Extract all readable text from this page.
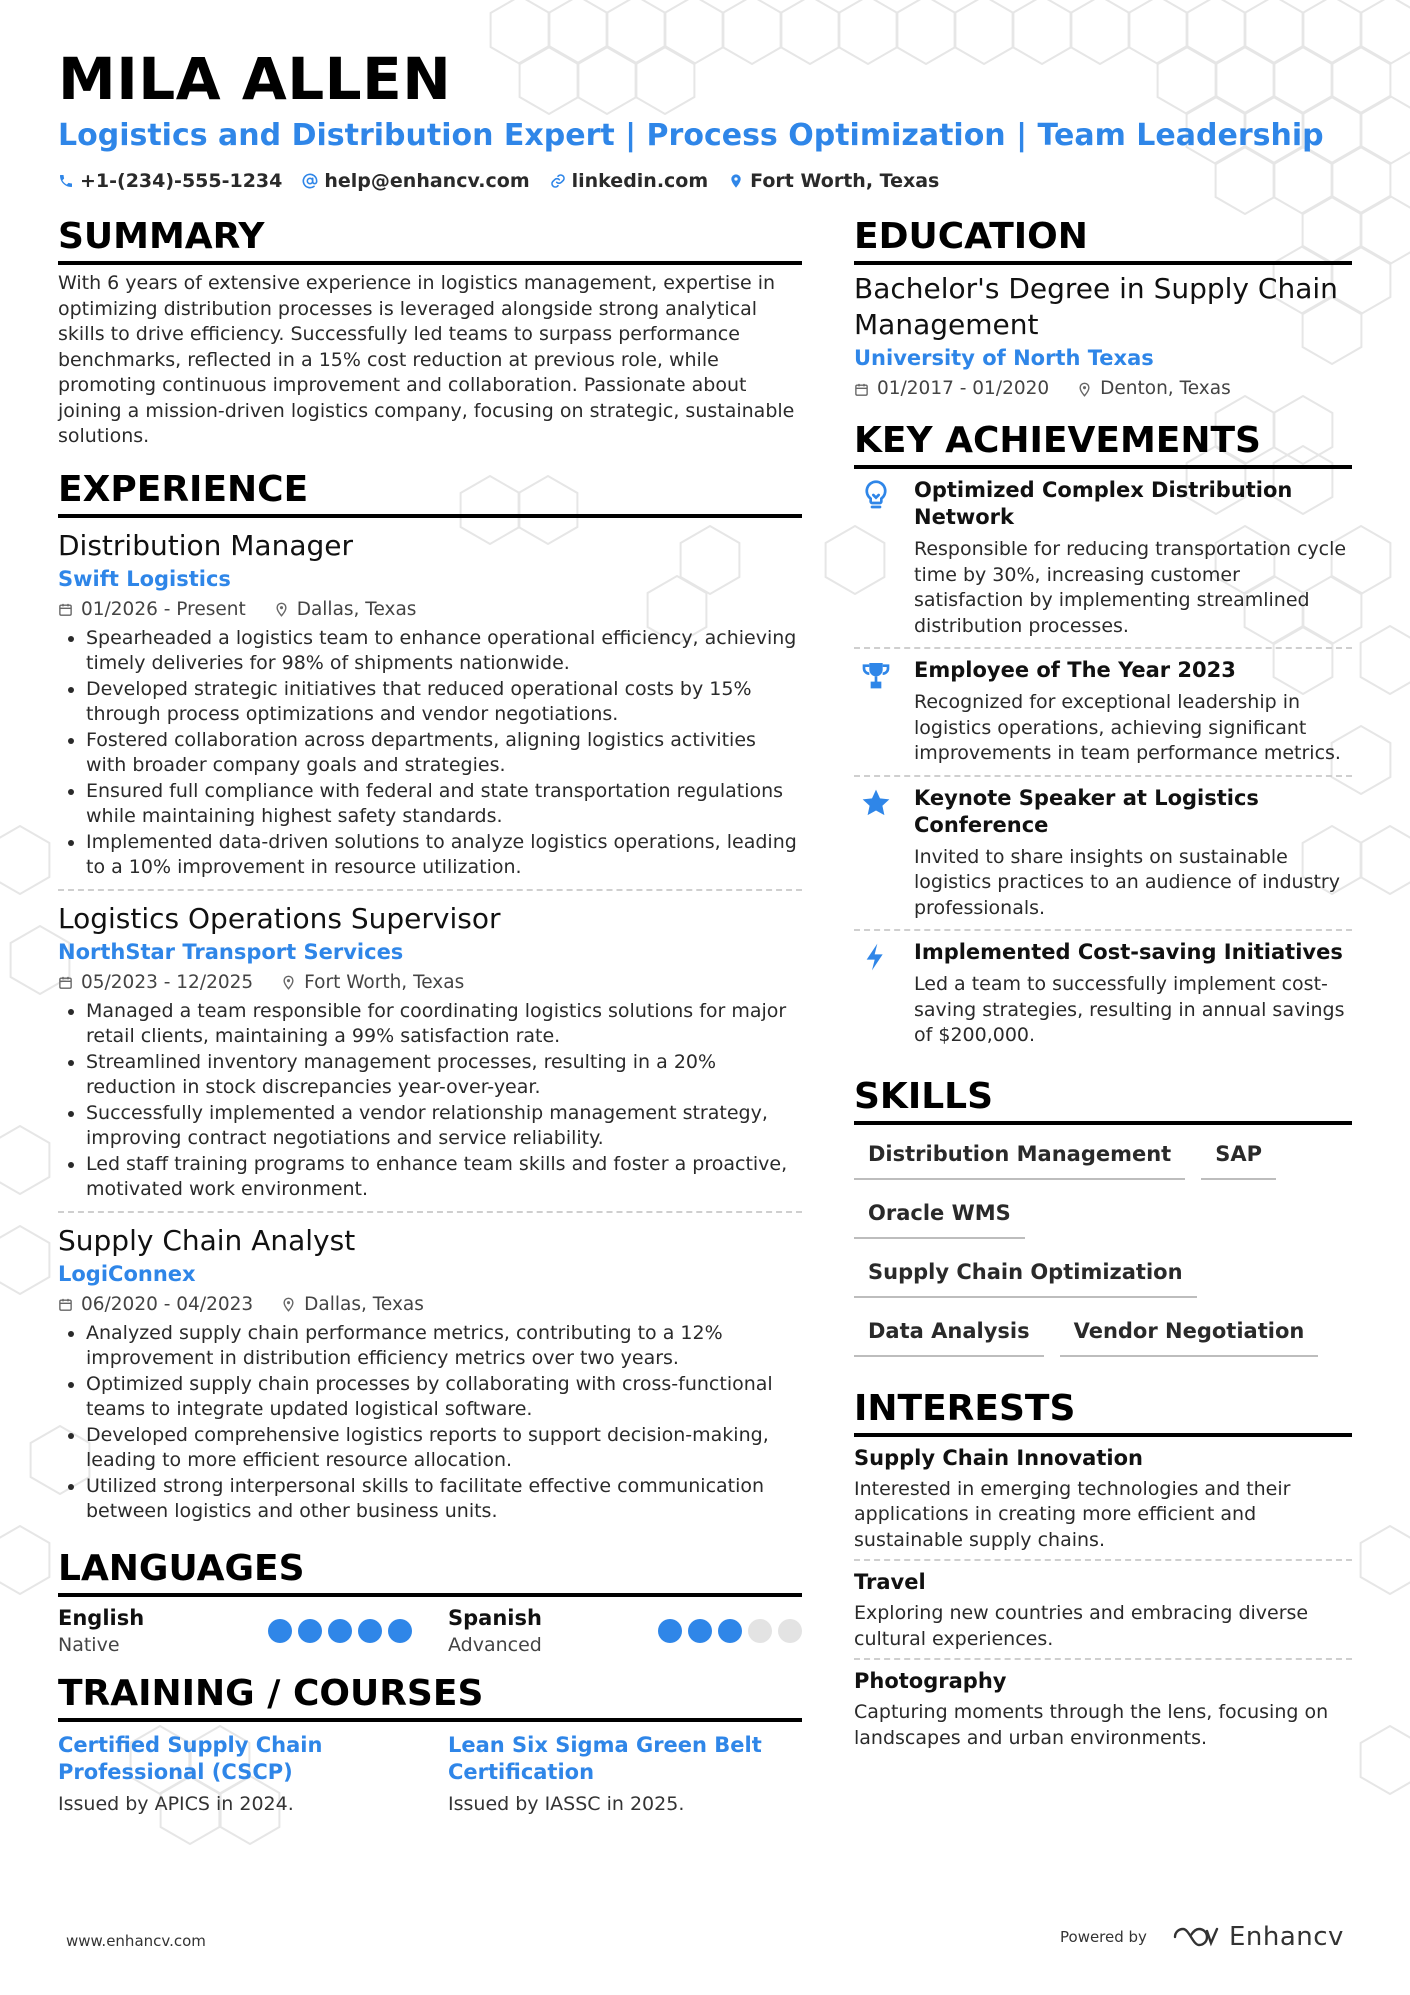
MILA ALLEN
Logistics and Distribution Expert | Process Optimization | Team Leadership
+1-(234)-555-1234 help@enhancv.com linkedin.com Fort Worth, Texas
SUMMARY

With 6 years of extensive experience in logistics management, expertise in optimizing distribution processes is leveraged alongside strong analytical skills to drive efficiency. Successfully led teams to surpass performance benchmarks, reflected in a 15% cost reduction at previous role, while promoting continuous improvement and collaboration. Passionate about joining a mission-driven logistics company, focusing on strategic, sustainable solutions.

EXPERIENCE
Distribution Manager
Swift Logistics
01/2026 - Present	Dallas, Texas
• Spearheaded a logistics team to enhance operational efficiency, achieving timely deliveries for 98% of shipments nationwide.
• Developed strategic initiatives that reduced operational costs by 15% through process optimizations and vendor negotiations.
• Fostered collaboration across departments, aligning logistics activities with broader company goals and strategies.
• Ensured full compliance with federal and state transportation regulations while maintaining highest safety standards.
• Implemented data-driven solutions to analyze logistics operations, leading to a 10% improvement in resource utilization.
Logistics Operations Supervisor
NorthStar Transport Services
05/2023 - 12/2025	Fort Worth, Texas
• Managed a team responsible for coordinating logistics solutions for major retail clients, maintaining a 99% satisfaction rate.
• Streamlined inventory management processes, resulting in a 20% reduction in stock discrepancies year-over-year.
• Successfully implemented a vendor relationship management strategy, improving contract negotiations and service reliability.
• Led staff training programs to enhance team skills and foster a proactive, motivated work environment.
Supply Chain Analyst
LogiConnex
06/2020 - 04/2023	Dallas, Texas
• Analyzed supply chain performance metrics, contributing to a 12% improvement in distribution efficiency metrics over two years.
• Optimized supply chain processes by collaborating with cross-functional teams to integrate updated logistical software.
• Developed comprehensive logistics reports to support decision-making, leading to more efficient resource allocation.
• Utilized strong interpersonal skills to facilitate effective communication between logistics and other business units.
LANGUAGES
English
Native
Spanish
Advanced
TRAINING / COURSES
Certified Supply Chain Professional (CSCP)
Issued by APICS in 2024.
Lean Six Sigma Green Belt Certification
Issued by IASSC in 2025.
EDUCATION
Bachelor's Degree in Supply Chain Management
University of North Texas
01/2017 - 01/2020	Denton, Texas
KEY ACHIEVEMENTS
Optimized Complex Distribution Network
Responsible for reducing transportation cycle time by 30%, increasing customer satisfaction by implementing streamlined distribution processes.
Employee of The Year 2023
Recognized for exceptional leadership in logistics operations, achieving significant improvements in team performance metrics.
Keynote Speaker at Logistics Conference
Invited to share insights on sustainable logistics practices to an audience of industry professionals.
Implemented Cost-saving Initiatives
Led a team to successfully implement cost-saving strategies, resulting in annual savings of $200,000.
SKILLS
Distribution Management	SAP
Oracle WMS
Supply Chain Optimization
Data Analysis	Vendor Negotiation
INTERESTS
Supply Chain Innovation
Interested in emerging technologies and their applications in creating more efficient and sustainable supply chains.
Travel
Exploring new countries and embracing diverse cultural experiences.
Photography
Capturing moments through the lens, focusing on landscapes and urban environments.
www.enhancv.com	Powered by	Enhancv
